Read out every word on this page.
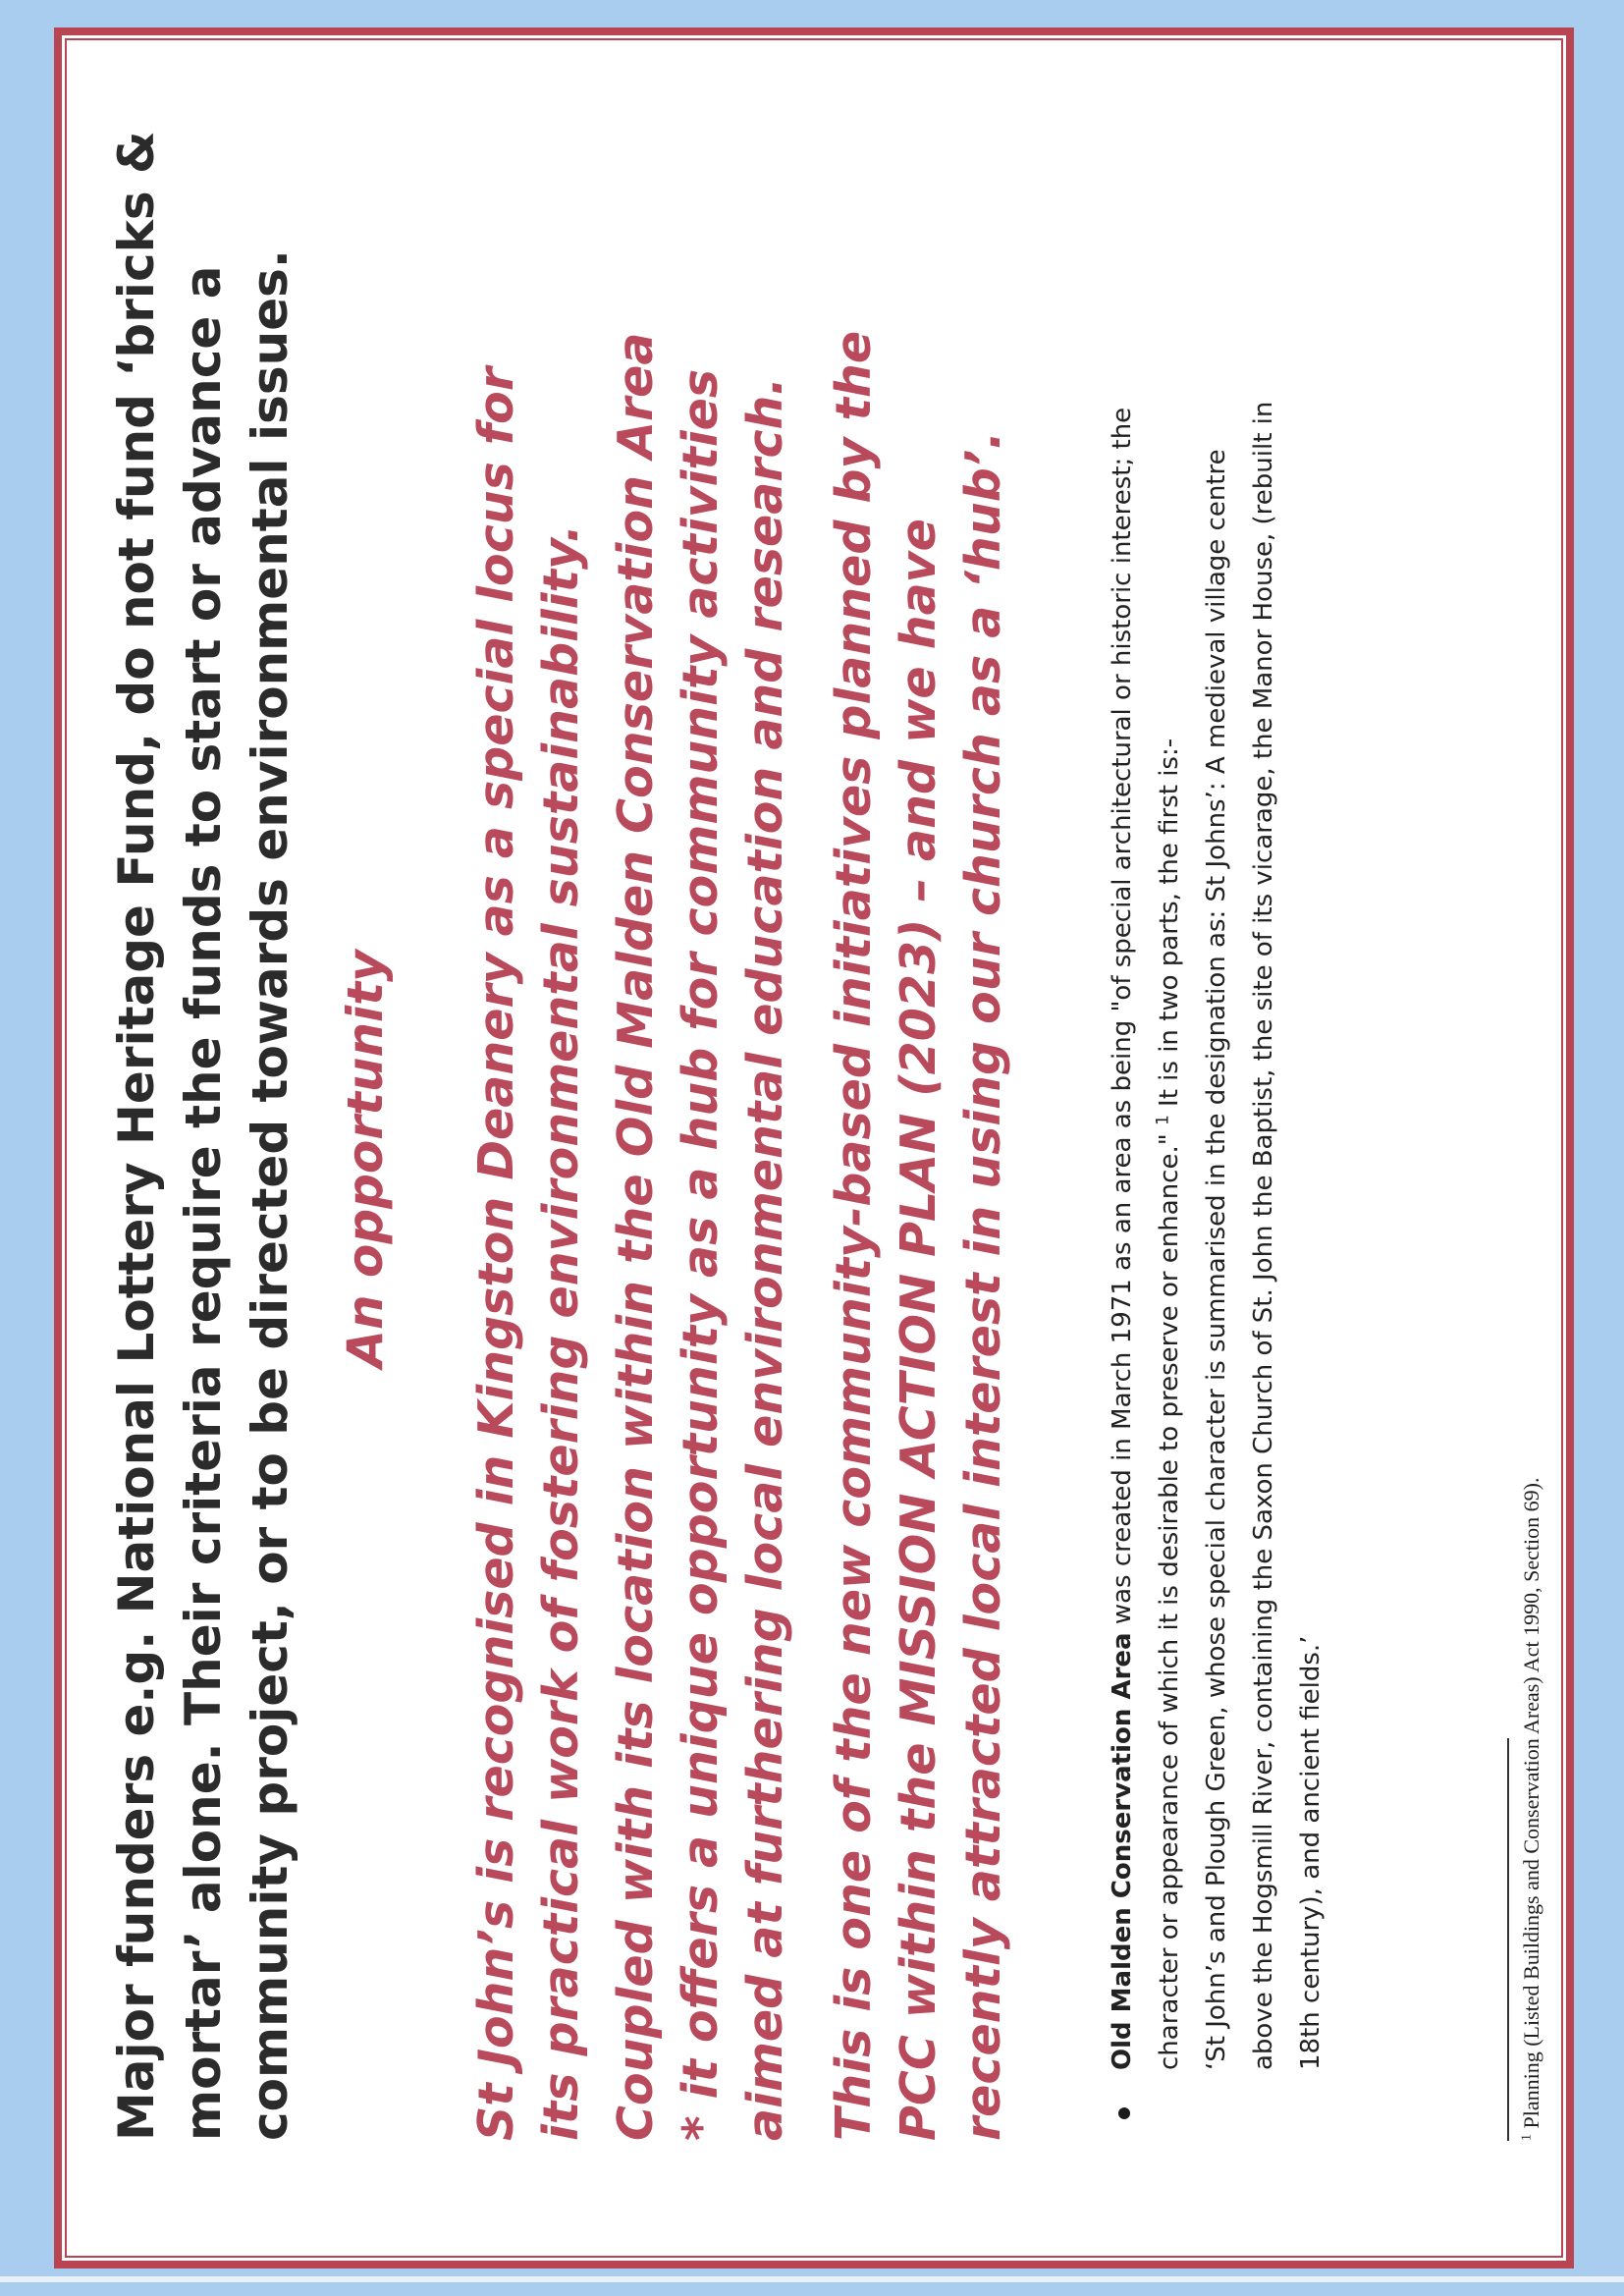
Major funders e.g. National Lottery Heritage Fund, do not fund ‘bricks & mortar’ alone. Their criteria require the funds to start or advance a community project, or to be directed towards environmental issues. An opportunity St John’s is recognised in Kingston Deanery as a special locus for its practical work of fostering environmental sustainability. Coupled with its location within the Old Malden Conservation Area * it offers a unique opportunity as a hub for community activities aimed at furthering local environmental education and research. This is one of the new community-based initiatives planned by the PCC within the MISSION ACTION PLAN (2023) – and we have recently attracted local interest in using our church as a ‘hub’.	Old Malden Conservation Area was created in March 1971 as an area as being "of special architectural or historic interest; the character or appearance of which it is desirable to preserve or enhance." $^1$ It is in two parts, the first is:- ‘St John’s and Plough Green, whose special character is summarised in the designation as: St Johns’: A medieval village centre above the Hogsmill River, containing the Saxon Church of St. John the Baptist, the site of its vicarage, the Manor House, (rebuilt in 18th century), and ancient fields.’

$^1$ Planning (Listed Buildings and Conservation Areas) Act 1990, Section 69).
